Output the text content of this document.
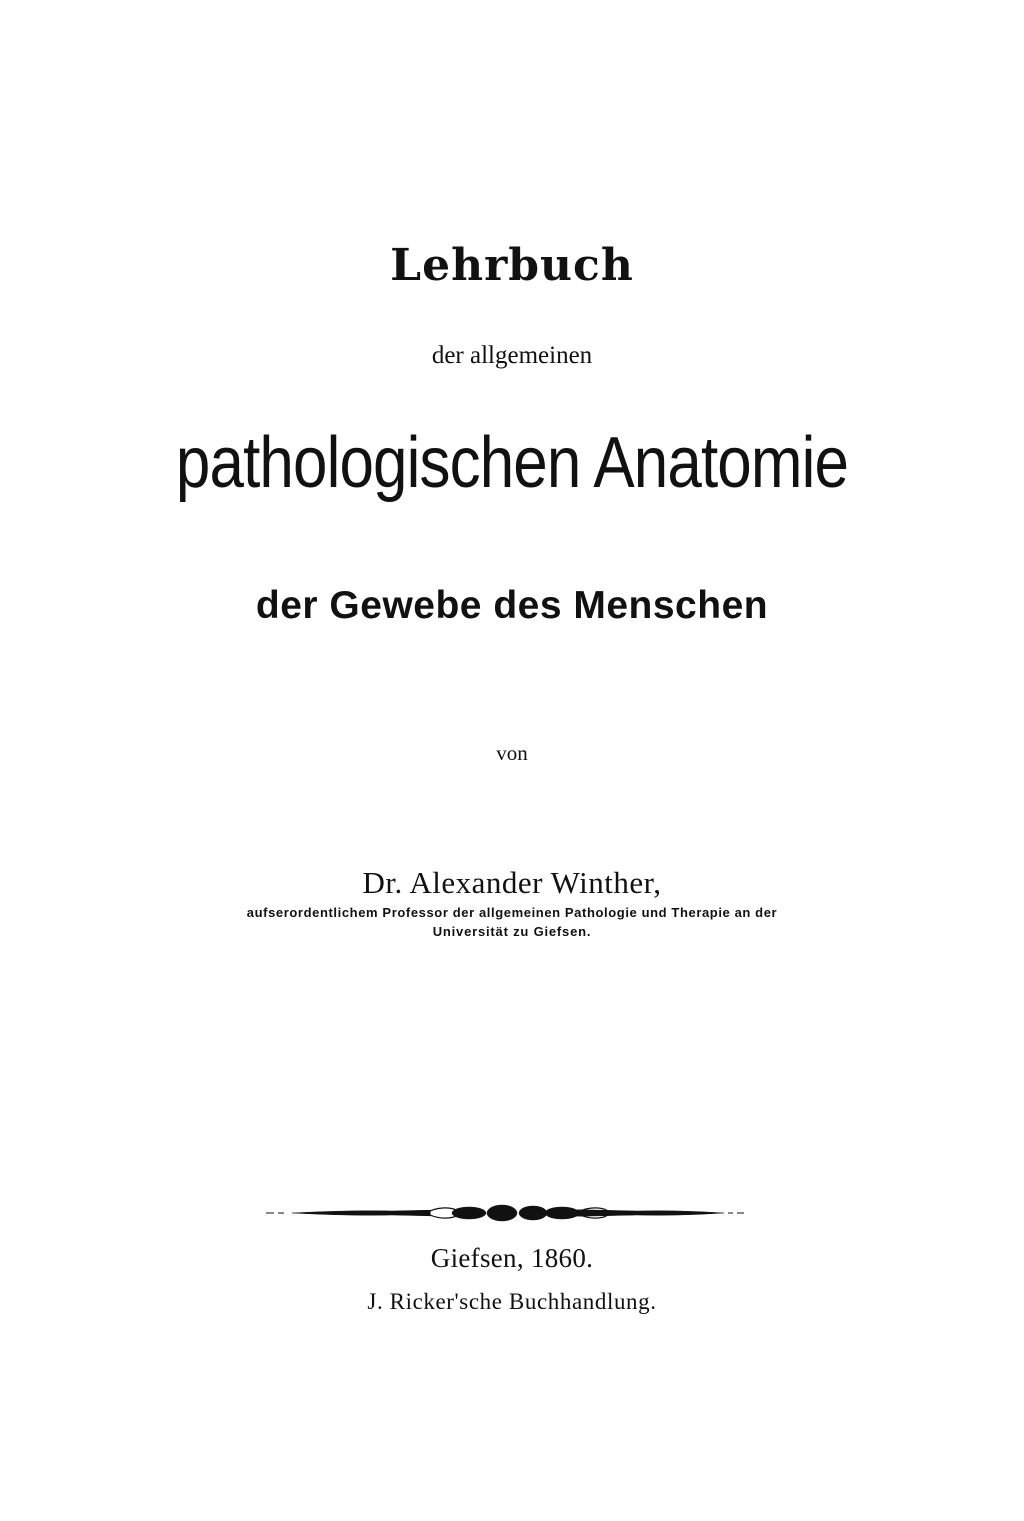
Lehrbuch
der allgemeinen
pathologischen Anatomie
der Gewebe des Menschen
von
Dr. Alexander Winther,
aufserordentlichem Professor der allgemeinen Pathologie und Therapie an der
Universität zu Giefsen.
Giefsen, 1860.
J. Ricker'sche Buchhandlung.
